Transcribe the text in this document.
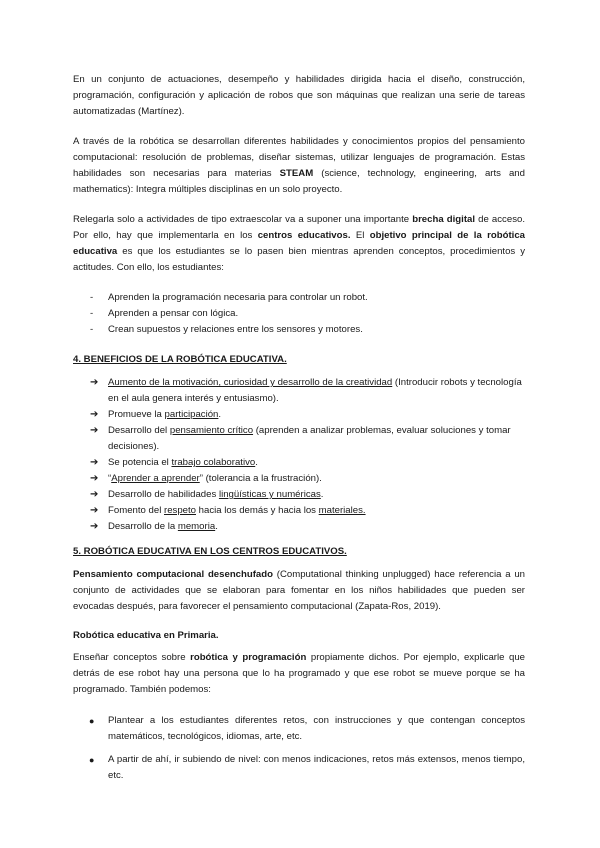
En un conjunto de actuaciones, desempeño y habilidades dirigida hacia el diseño, construcción, programación, configuración y aplicación de robos que son máquinas que realizan una serie de tareas automatizadas (Martínez).

A través de la robótica se desarrollan diferentes habilidades y conocimientos propios del pensamiento computacional: resolución de problemas, diseñar sistemas, utilizar lenguajes de programación. Estas habilidades son necesarias para materias STEAM (science, technology, engineering, arts and mathematics): Integra múltiples disciplinas en un solo proyecto.

Relegarla solo a actividades de tipo extraescolar va a suponer una importante brecha digital de acceso. Por ello, hay que implementarla en los centros educativos. El objetivo principal de la robótica educativa es que los estudiantes se lo pasen bien mientras aprenden conceptos, procedimientos y actitudes. Con ello, los estudiantes:

- Aprenden la programación necesaria para controlar un robot.
- Aprenden a pensar con lógica.
- Crean supuestos y relaciones entre los sensores y motores.

4. BENEFICIOS DE LA ROBÓTICA EDUCATIVA.

➔ Aumento de la motivación, curiosidad y desarrollo de la creatividad (Introducir robots y tecnología en el aula genera interés y entusiasmo).
➔ Promueve la participación.
➔ Desarrollo del pensamiento crítico (aprenden a analizar problemas, evaluar soluciones y tomar decisiones).
➔ Se potencia el trabajo colaborativo.
➔ “Aprender a aprender” (tolerancia a la frustración).
➔ Desarrollo de habilidades lingüísticas y numéricas.
➔ Fomento del respeto hacia los demás y hacia los materiales.
➔ Desarrollo de la memoria.

5. ROBÓTICA EDUCATIVA EN LOS CENTROS EDUCATIVOS.

Pensamiento computacional desenchufado (Computational thinking unplugged) hace referencia a un conjunto de actividades que se elaboran para fomentar en los niños habilidades que pueden ser evocadas después, para favorecer el pensamiento computacional (Zapata-Ros, 2019).

Robótica educativa en Primaria.

Enseñar conceptos sobre robótica y programación propiamente dichos. Por ejemplo, explicarle que detrás de ese robot hay una persona que lo ha programado y que ese robot se mueve porque se ha programado. También podemos:

● Plantear a los estudiantes diferentes retos, con instrucciones y que contengan conceptos matemáticos, tecnológicos, idiomas, arte, etc.
● A partir de ahí, ir subiendo de nivel: con menos indicaciones, retos más extensos, menos tiempo, etc.
